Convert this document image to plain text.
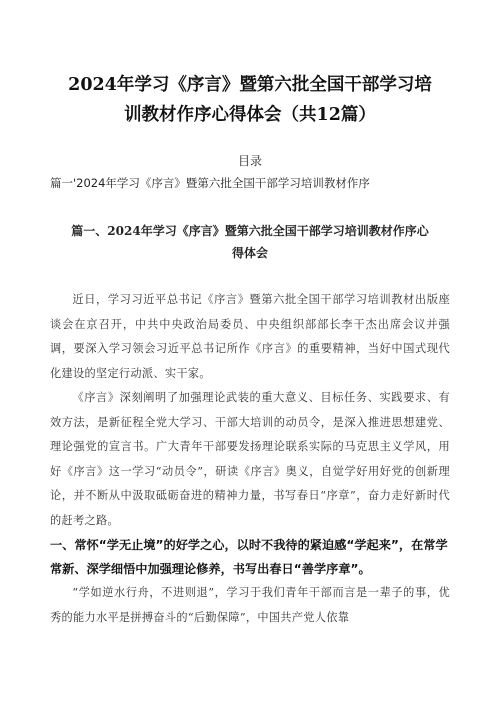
2024年学习《序言》暨第六批全国干部学习培
训教材作序心得体会（共12篇）
目录
篇一'2024年学习《序言》暨第六批全国干部学习培训教材作序
篇一、2024年学习《序言》暨第六批全国干部学习培训教材作序心
得体会

近日，学习习近平总书记《序言》暨第六批全国干部学习培训教材出版座谈会在京召开，中共中央政治局委员、中央组织部部长李干杰出席会议并强调，要深入学习领会习近平总书记所作《序言》的重要精神，当好中国式现代化建设的坚定行动派、实干家。

《序言》深刻阐明了加强理论武装的重大意义、目标任务、实践要求、有效方法，是新征程全党大学习、干部大培训的动员令，是深入推进思想建党、理论强党的宣言书。广大青年干部要发扬理论联系实际的马克思主义学风，用好《序言》这一学习“动员令”，研读《序言》奥义，自觉学好用好党的创新理论，并不断从中汲取砥砺奋进的精神力量，书写春日“序章”，奋力走好新时代的赶考之路。

一、常怀“学无止境”的好学之心，以时不我待的紧迫感“学起来”，在常学常新、深学细悟中加强理论修养，书写出春日“善学序章”。

“学如逆水行舟，不进则退”，学习于我们青年干部而言是一辈子的事，优秀的能力水平是拼搏奋斗的“后勤保障”，中国共产党人依靠
